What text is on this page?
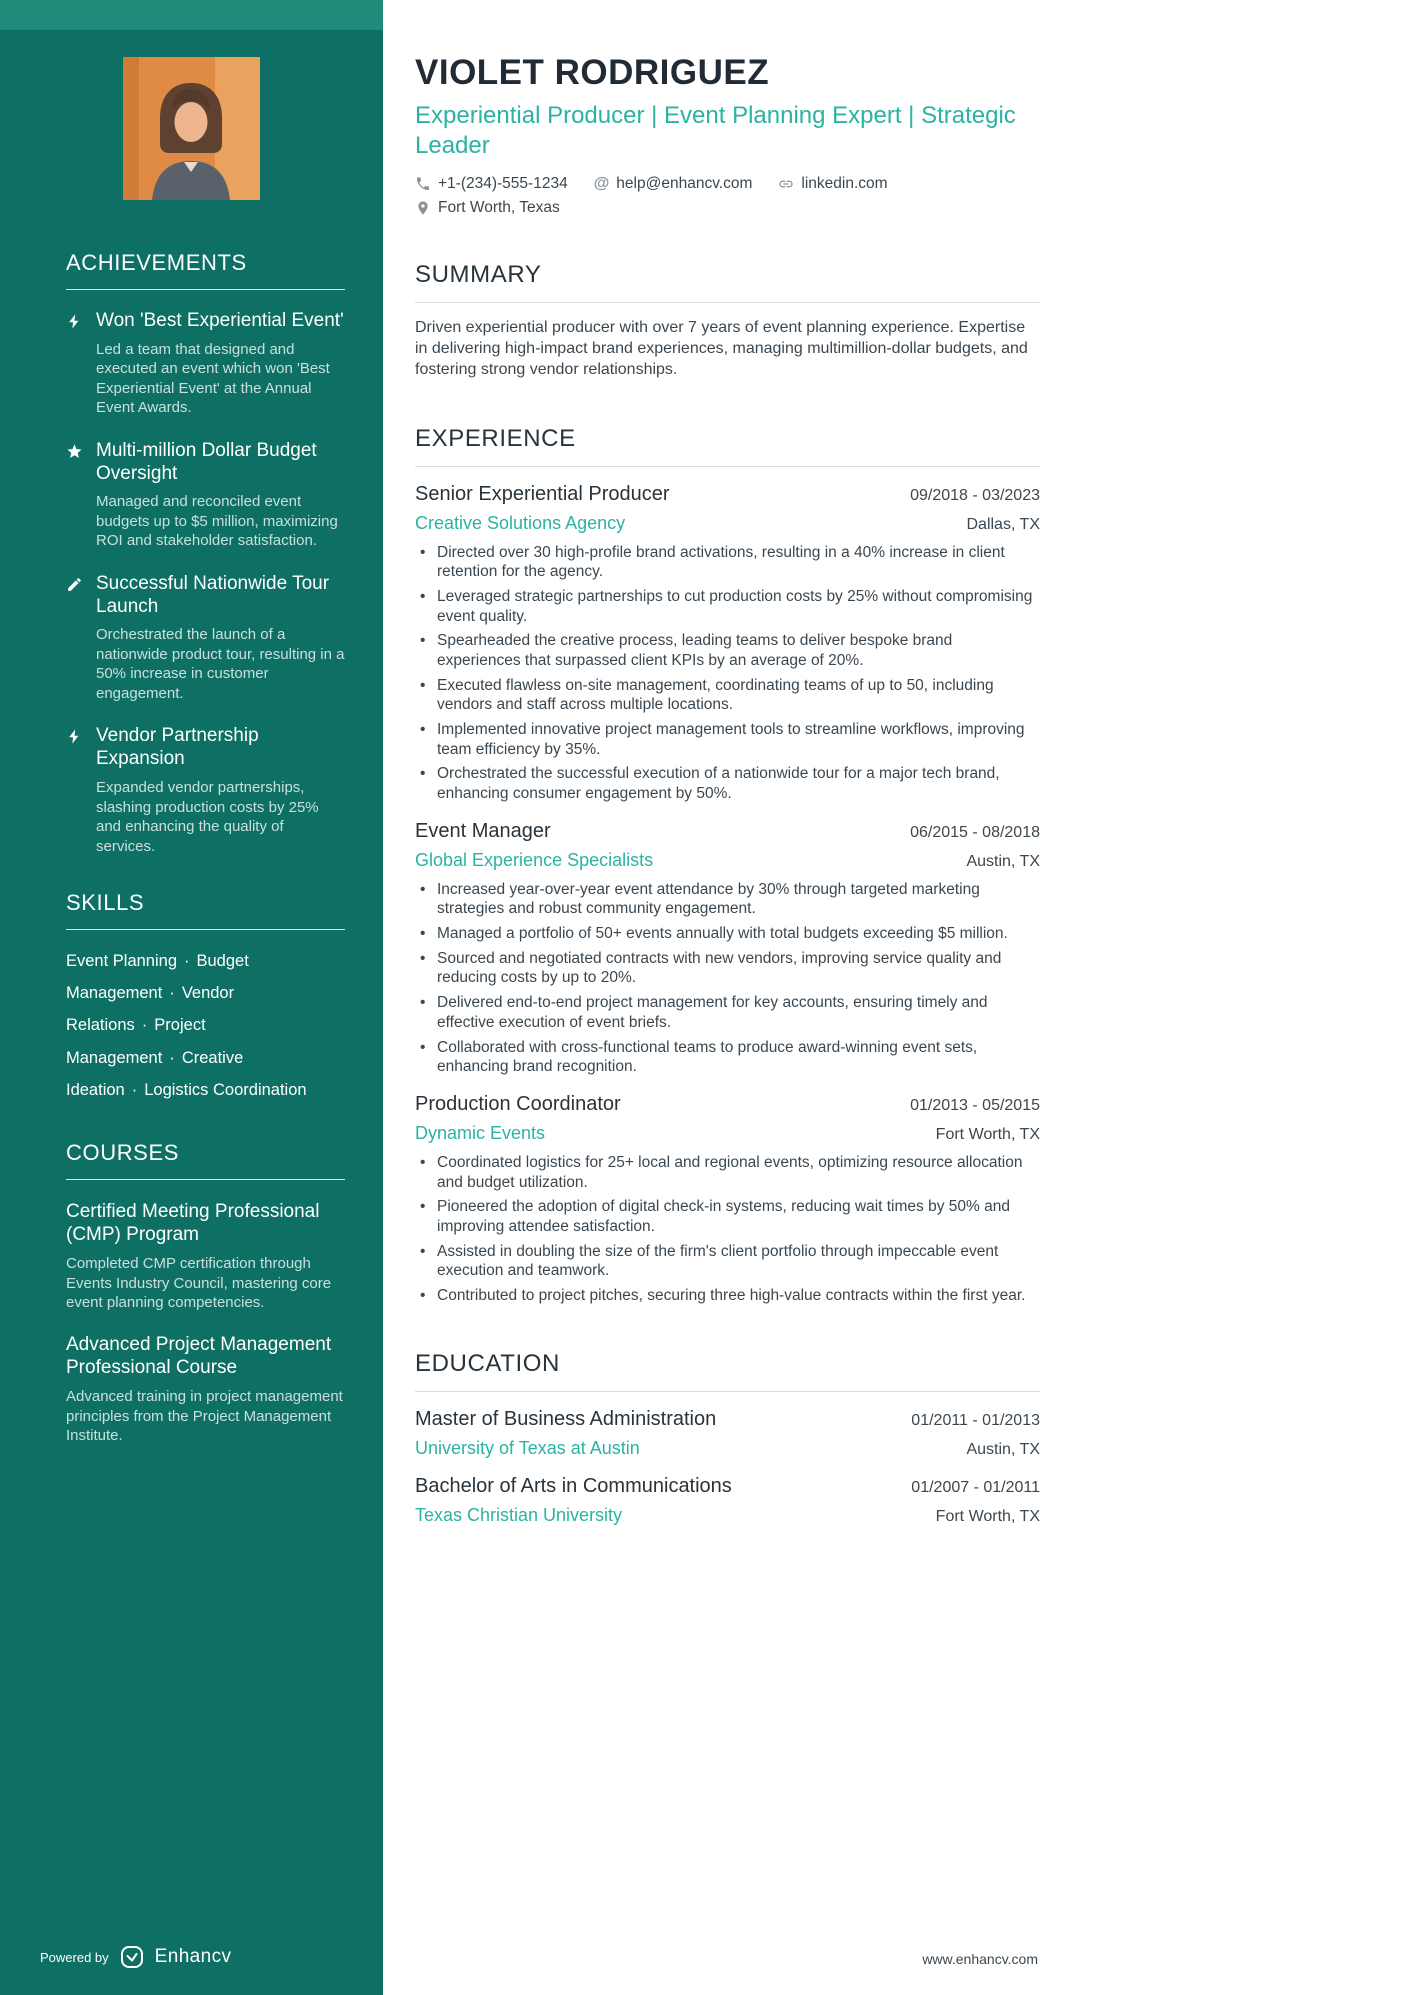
ACHIEVEMENTS
Won 'Best Experiential Event'
Led a team that designed and executed an event which won 'Best Experiential Event' at the Annual Event Awards.
Multi-million Dollar Budget Oversight
Managed and reconciled event budgets up to $5 million, maximizing ROI and stakeholder satisfaction.
Successful Nationwide Tour Launch
Orchestrated the launch of a nationwide product tour, resulting in a 50% increase in customer engagement.
Vendor Partnership Expansion
Expanded vendor partnerships, slashing production costs by 25% and enhancing the quality of services.
SKILLS
Event Planning · Budget Management · Vendor Relations · Project Management · Creative Ideation · Logistics Coordination
COURSES
Certified Meeting Professional (CMP) Program
Completed CMP certification through Events Industry Council, mastering core event planning competencies.
Advanced Project Management Professional Course
Advanced training in project management principles from the Project Management Institute.
Powered by Enhancv
VIOLET RODRIGUEZ
Experiential Producer | Event Planning Expert | Strategic Leader
+1-(234)-555-1234 @ help@enhancv.com	linkedin.com
Fort Worth, Texas
SUMMARY

Driven experiential producer with over 7 years of event planning experience. Expertise in delivering high-impact brand experiences, managing multimillion-dollar budgets, and fostering strong vendor relationships.

EXPERIENCE
Senior Experiential Producer	09/2018 - 03/2023
Creative Solutions Agency	Dallas, TX
• Directed over 30 high-profile brand activations, resulting in a 40% increase in client retention for the agency.
• Leveraged strategic partnerships to cut production costs by 25% without compromising event quality.
• Spearheaded the creative process, leading teams to deliver bespoke brand experiences that surpassed client KPIs by an average of 20%.
• Executed flawless on-site management, coordinating teams of up to 50, including vendors and staff across multiple locations.
• Implemented innovative project management tools to streamline workflows, improving team efficiency by 35%.
• Orchestrated the successful execution of a nationwide tour for a major tech brand, enhancing consumer engagement by 50%.
Event Manager	06/2015 - 08/2018
Global Experience Specialists	Austin, TX
• Increased year-over-year event attendance by 30% through targeted marketing strategies and robust community engagement.
• Managed a portfolio of 50+ events annually with total budgets exceeding $5 million.
• Sourced and negotiated contracts with new vendors, improving service quality and reducing costs by up to 20%.
• Delivered end-to-end project management for key accounts, ensuring timely and effective execution of event briefs.
• Collaborated with cross-functional teams to produce award-winning event sets, enhancing brand recognition.
Production Coordinator	01/2013 - 05/2015
Dynamic Events	Fort Worth, TX
• Coordinated logistics for 25+ local and regional events, optimizing resource allocation and budget utilization.
• Pioneered the adoption of digital check-in systems, reducing wait times by 50% and improving attendee satisfaction.
• Assisted in doubling the size of the firm's client portfolio through impeccable event execution and teamwork.
• Contributed to project pitches, securing three high-value contracts within the first year.
EDUCATION
Master of Business Administration	01/2011 - 01/2013
University of Texas at Austin	Austin, TX
Bachelor of Arts in Communications	01/2007 - 01/2011
Texas Christian University	Fort Worth, TX
www.enhancv.com
